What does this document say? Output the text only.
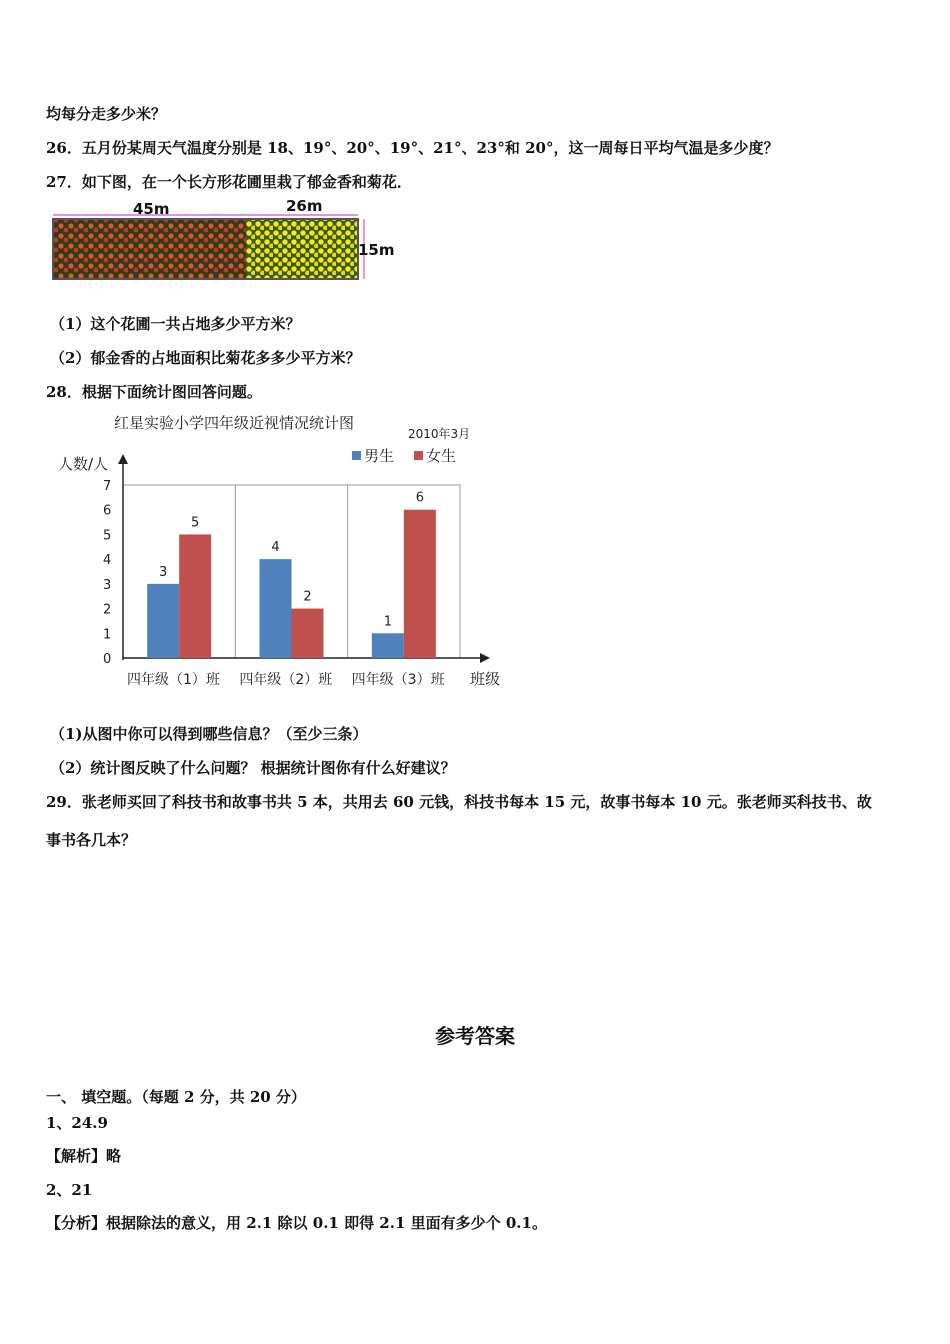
均每分走多少米？
26．五月份某周天气温度分别是 18、19°、20°、19°、21°、23°和 20°，这一周每日平均气温是多少度？
27．如下图，在一个长方形花圃里栽了郁金香和菊花．
45m	26m
15m
（1）这个花圃一共占地多少平方米？
（2）郁金香的占地面积比菊花多多少平方米？
28．根据下面统计图回答问题。
红星实验小学四年级近视情况统计图
2010年3月
人数/人
班级
男生 女生
3
5
4
2
1
6
0
1
2
3
4
5
6
7
四年级（1）班 四年级（2）班 四年级（3）班
（1)从图中你可以得到哪些信息？（至少三条）
（2）统计图反映了什么问题？ 根据统计图你有什么好建议？
29．张老师买回了科技书和故事书共 5 本，共用去 60 元钱，科技书每本 15 元，故事书每本 10 元。张老师买科技书、故
事书各几本？
参考答案
一、 填空题。（每题 2 分，共 20 分）
1、24.9
【解析】略
2、21
【分析】根据除法的意义，用 2.1 除以 0.1 即得 2.1 里面有多少个 0.1。
